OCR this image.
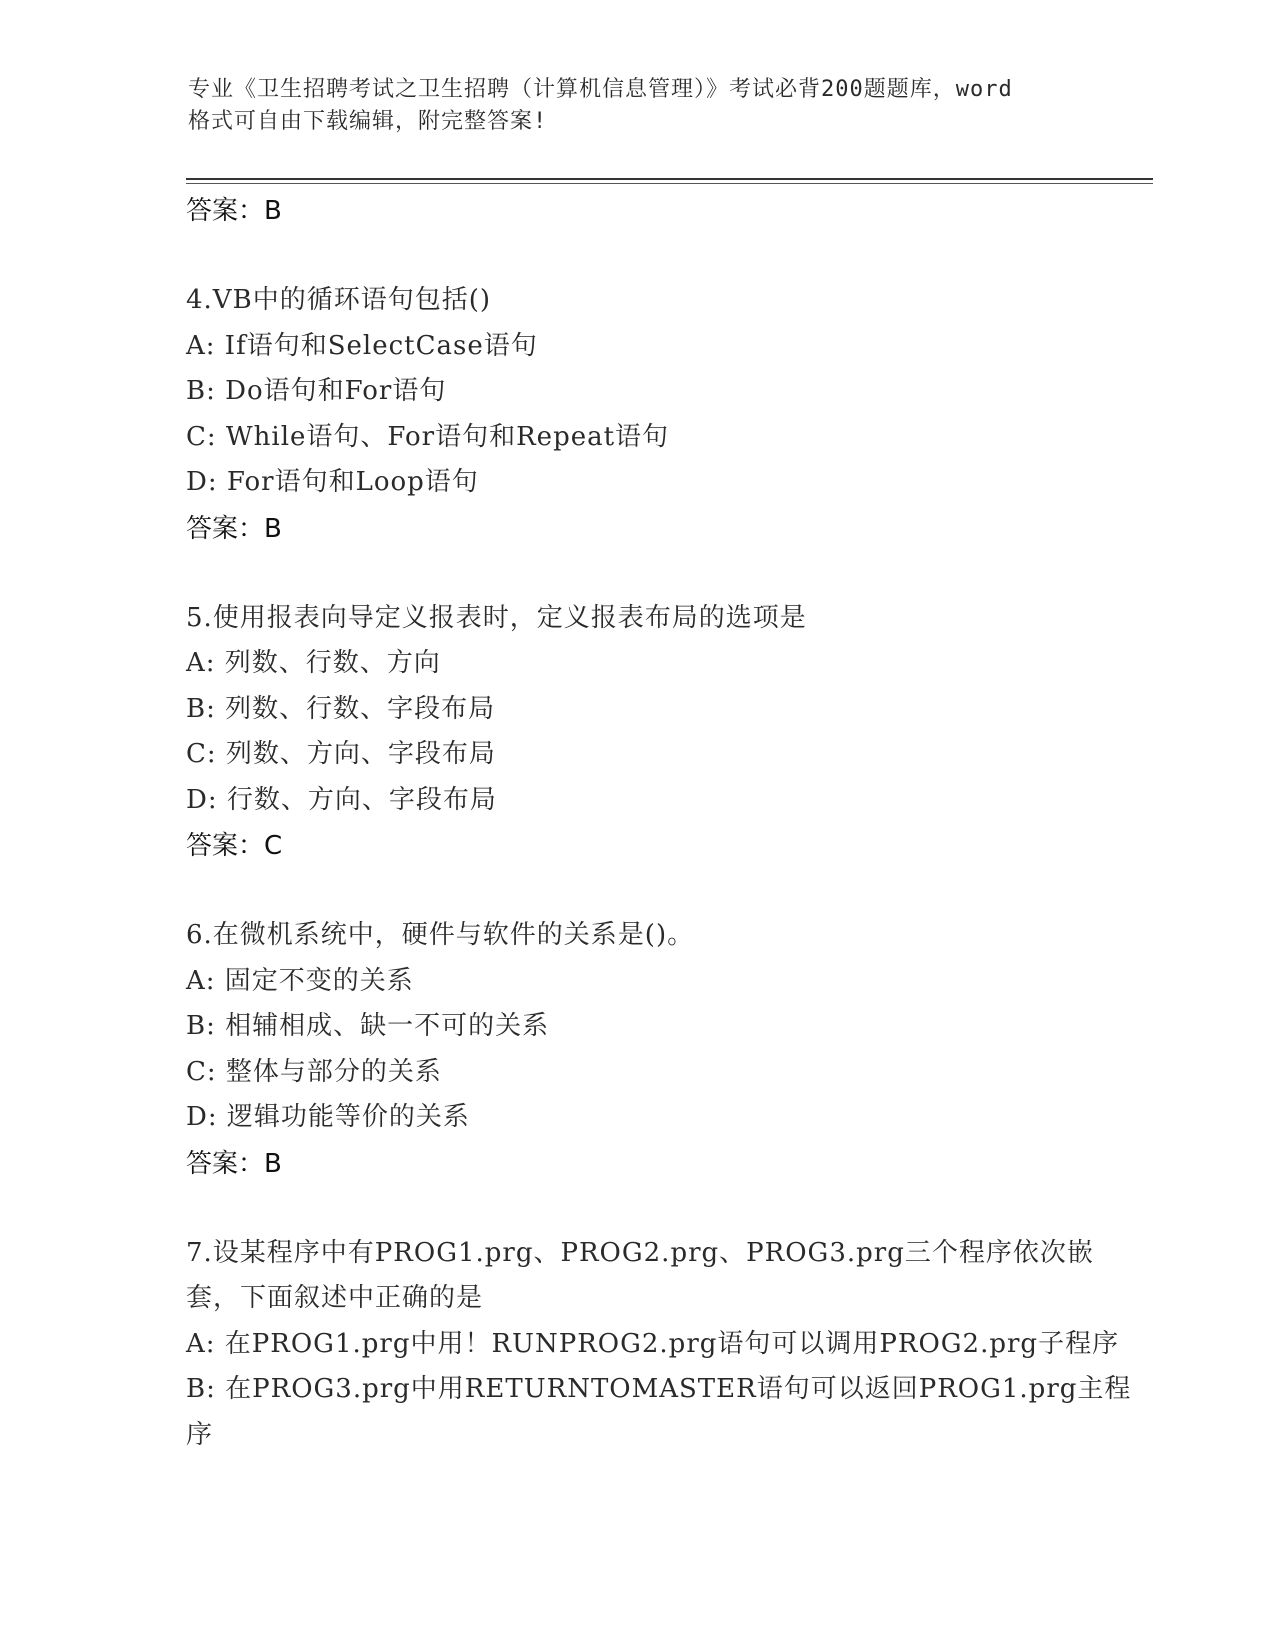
专业《卫生招聘考试之卫生招聘（计算机信息管理）》考试必背200题题库，word
格式可自由下载编辑，附完整答案!
答案：B
4.VB中的循环语句包括()
A: If语句和SelectCase语句
B: Do语句和For语句
C: While语句、For语句和Repeat语句
D: For语句和Loop语句
答案：B
5.使用报表向导定义报表时，定义报表布局的选项是
A: 列数、行数、方向
B: 列数、行数、字段布局
C: 列数、方向、字段布局
D: 行数、方向、字段布局
答案：C
6.在微机系统中，硬件与软件的关系是()。
A: 固定不变的关系
B: 相辅相成、缺一不可的关系
C: 整体与部分的关系
D: 逻辑功能等价的关系
答案：B
7.设某程序中有PROG1.prg、PROG2.prg、PROG3.prg三个程序依次嵌
套，下面叙述中正确的是
A: 在PROG1.prg中用！RUNPROG2.prg语句可以调用PROG2.prg子程序
B: 在PROG3.prg中用RETURNTOMASTER语句可以返回PROG1.prg主程
序
